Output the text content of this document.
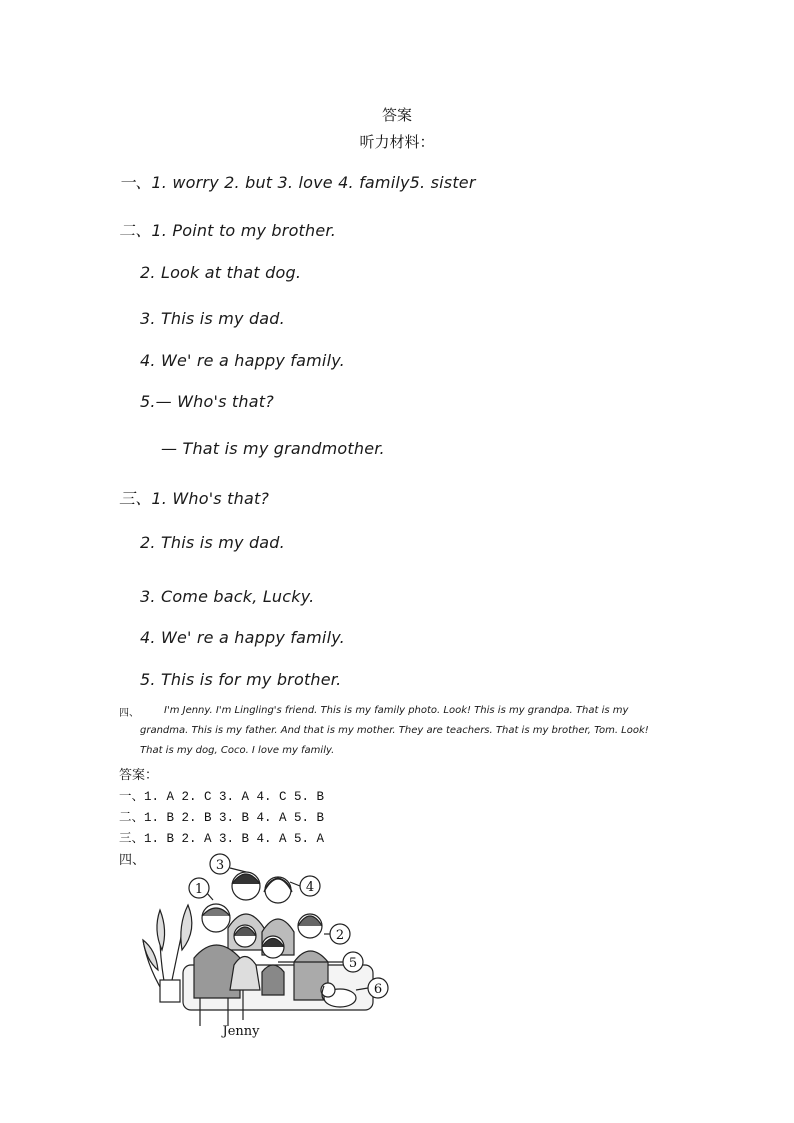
答案
听力材料：
一、1. worry 2. but 3. love 4. family5. sister
二、1. Point to my brother.
2. Look at that dog.
3. This is my dad.
4. We' re a happy family.
5.— Who's that?
— That is my grandmother.
三、1. Who's that?
2. This is my dad.
3. Come back, Lucky.
4. We' re a happy family.
5. This is for my brother.
四、	I'm Jenny. I'm Lingling's friend. This is my family photo. Look! This is my grandpa. That is my
grandma. This is my father. And that is my mother. They are teachers. That is my brother, Tom. Look!
That is my dog, Coco. I love my family.
答案：
一、1. A 2. C 3. A 4. C 5. B
二、1. B 2. B 3. B 4. A 5. B
三、1. B 2. A 3. B 4. A 5. A
四、
1
2
3
4
5
6
Jenny
